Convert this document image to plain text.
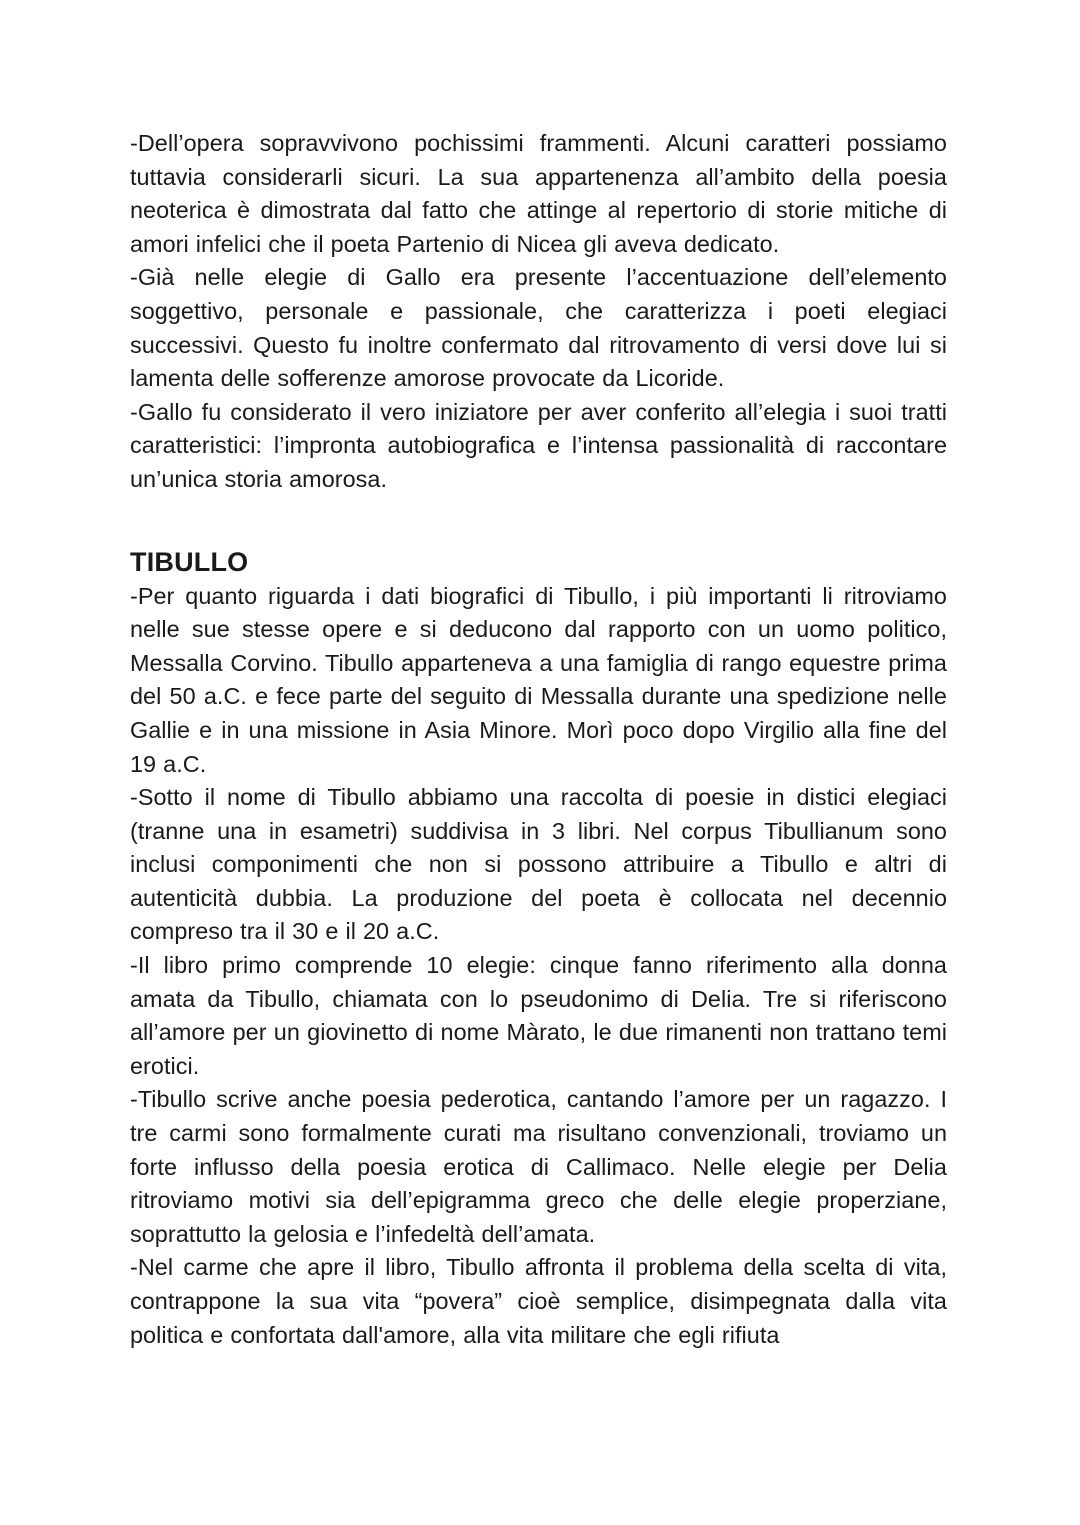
-Dell’opera sopravvivono pochissimi frammenti. Alcuni caratteri possiamo tuttavia considerarli sicuri. La sua appartenenza all’ambito della poesia neoterica è dimostrata dal fatto che attinge al repertorio di storie mitiche di amori infelici che il poeta Partenio di Nicea gli aveva dedicato.

-Già nelle elegie di Gallo era presente l’accentuazione dell’elemento soggettivo, personale e passionale, che caratterizza i poeti elegiaci successivi. Questo fu inoltre confermato dal ritrovamento di versi dove lui si lamenta delle sofferenze amorose provocate da Licoride.

-Gallo fu considerato il vero iniziatore per aver conferito all’elegia i suoi tratti caratteristici: l’impronta autobiografica e l’intensa passionalità di raccontare un’unica storia amorosa.

TIBULLO

-Per quanto riguarda i dati biografici di Tibullo, i più importanti li ritroviamo nelle sue stesse opere e si deducono dal rapporto con un uomo politico, Messalla Corvino. Tibullo apparteneva a una famiglia di rango equestre prima del 50 a.C. e fece parte del seguito di Messalla durante una spedizione nelle Gallie e in una missione in Asia Minore. Morì poco dopo Virgilio alla fine del 19 a.C.

-Sotto il nome di Tibullo abbiamo una raccolta di poesie in distici elegiaci (tranne una in esametri) suddivisa in 3 libri. Nel corpus Tibullianum sono inclusi componimenti che non si possono attribuire a Tibullo e altri di autenticità dubbia. La produzione del poeta è collocata nel decennio compreso tra il 30 e il 20 a.C.

-Il libro primo comprende 10 elegie: cinque fanno riferimento alla donna amata da Tibullo, chiamata con lo pseudonimo di Delia. Tre si riferiscono all’amore per un giovinetto di nome Màrato, le due rimanenti non trattano temi erotici.

-Tibullo scrive anche poesia pederotica, cantando l’amore per un ragazzo. I tre carmi sono formalmente curati ma risultano convenzionali, troviamo un forte influsso della poesia erotica di Callimaco. Nelle elegie per Delia ritroviamo motivi sia dell’epigramma greco che delle elegie properziane, soprattutto la gelosia e l’infedeltà dell’amata.

-Nel carme che apre il libro, Tibullo affronta il problema della scelta di vita, contrappone la sua vita “povera” cioè semplice, disimpegnata dalla vita politica e confortata dall'amore, alla vita militare che egli rifiuta
